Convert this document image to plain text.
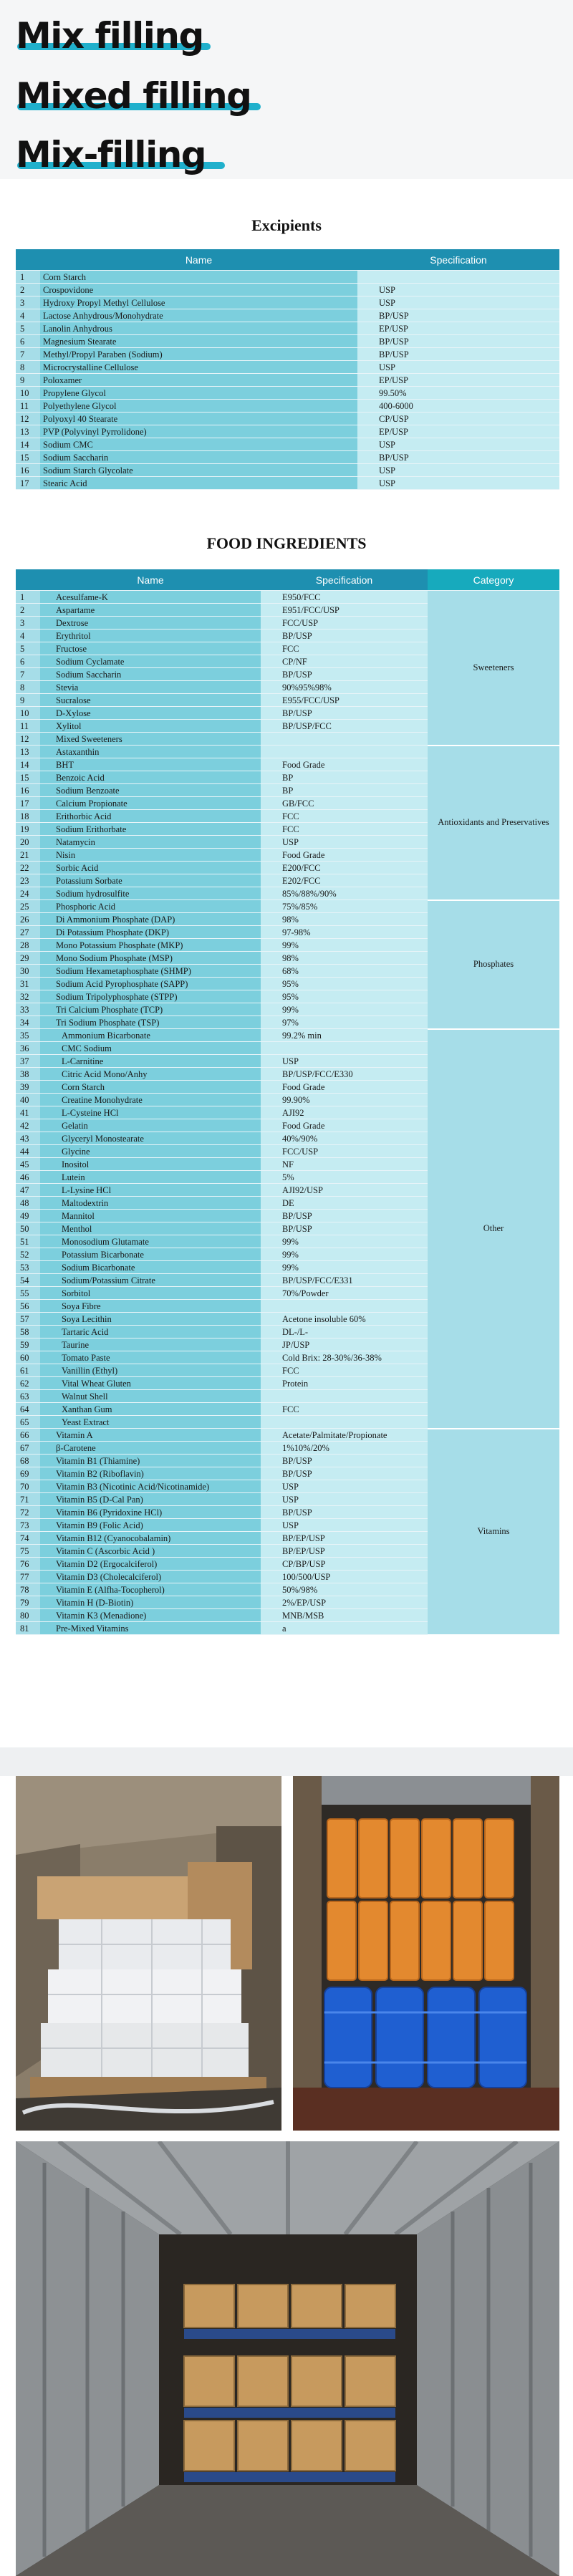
Mix filling
Mixed filling
Mix-filling
Excipients
	Name	Specification
1	Corn Starch	
2	Crospovidone	USP
3	Hydroxy Propyl Methyl Cellulose	USP
4	Lactose Anhydrous/Monohydrate	BP/USP
5	Lanolin Anhydrous	EP/USP
6	Magnesium Stearate	BP/USP
7	Methyl/Propyl Paraben (Sodium)	BP/USP
8	Microcrystalline Cellulose	USP
9	Poloxamer	EP/USP
10	Propylene Glycol	99.50%
11	Polyethylene Glycol	400-6000
12	Polyoxyl 40 Stearate	CP/USP
13	PVP (Polyvinyl Pyrrolidone)	EP/USP
14	Sodium CMC	USP
15	Sodium Saccharin	BP/USP
16	Sodium Starch Glycolate	USP
17	Stearic Acid	USP
FOOD INGREDIENTS
	Name	Specification	Category
1	Acesulfame-K	E950/FCC	Sweeteners
2	Aspartame	E951/FCC/USP	
3	Dextrose	FCC/USP	
4	Erythritol	BP/USP	
5	Fructose	FCC	
6	Sodium Cyclamate	CP/NF	
7	Sodium Saccharin	BP/USP	
8	Stevia	90%95%98%	
9	Sucralose	E955/FCC/USP	
10	D-Xylose	BP/USP	
11	Xylitol	BP/USP/FCC	
12	Mixed Sweeteners		
13	Astaxanthin		Antioxidants and Preservatives
14	BHT	Food Grade	
15	Benzoic Acid	BP	
16	Sodium Benzoate	BP	
17	Calcium Propionate	GB/FCC	
18	Erithorbic Acid	FCC	
19	Sodium Erithorbate	FCC	
20	Natamycin	USP	
21	Nisin	Food Grade	
22	Sorbic Acid	E200/FCC	
23	Potassium Sorbate	E202/FCC	
24	Sodium hydrosulfite	85%/88%/90%	
25	Phosphoric Acid	75%/85%	Phosphates
26	Di Ammonium Phosphate (DAP)	98%	
27	Di Potassium Phosphate (DKP)	97-98%	
28	Mono Potassium Phosphate (MKP)	99%	
29	Mono Sodium Phosphate (MSP)	98%	
30	Sodium Hexametaphosphate (SHMP)	68%	
31	Sodium Acid Pyrophosphate (SAPP)	95%	
32	Sodium Tripolyphosphate (STPP)	95%	
33	Tri Calcium Phosphate (TCP)	99%	
34	Tri Sodium Phosphate (TSP)	97%	
35	Ammonium Bicarbonate	99.2% min	Other
36	CMC Sodium		
37	L-Carnitine	USP	
38	Citric Acid Mono/Anhy	BP/USP/FCC/E330	
39	Corn Starch	Food Grade	
40	Creatine Monohydrate	99.90%	
41	L-Cysteine HCl	AJI92	
42	Gelatin	Food Grade	
43	Glyceryl Monostearate	40%/90%	
44	Glycine	FCC/USP	
45	Inositol	NF	
46	Lutein	5%	
47	L-Lysine HCl	AJI92/USP	
48	Maltodextrin	DE	
49	Mannitol	BP/USP	
50	Menthol	BP/USP	
51	Monosodium Glutamate	99%	
52	Potassium Bicarbonate	99%	
53	Sodium Bicarbonate	99%	
54	Sodium/Potassium Citrate	BP/USP/FCC/E331	
55	Sorbitol	70%/Powder	
56	Soya Fibre		
57	Soya Lecithin	Acetone insoluble 60%	
58	Tartaric Acid	DL-/L-	
59	Taurine	JP/USP	
60	Tomato Paste	Cold Brix: 28-30%/36-38%	
61	Vanillin (Ethyl)	FCC	
62	Vital Wheat Gluten	Protein	
63	Walnut Shell		
64	Xanthan Gum	FCC	
65	Yeast Extract		
66	Vitamin A	Acetate/Palmitate/Propionate	Vitamins
67	β-Carotene	1%10%/20%	
68	Vitamin B1 (Thiamine)	BP/USP	
69	Vitamin B2 (Riboflavin)	BP/USP	
70	Vitamin B3 (Nicotinic Acid/Nicotinamide)	USP	
71	Vitamin B5 (D-Cal Pan)	USP	
72	Vitamin B6 (Pyridoxine HCl)	BP/USP	
73	Vitamin B9 (Folic Acid)	USP	
74	Vitamin B12 (Cyanocobalamin)	BP/EP/USP	
75	Vitamin C (Ascorbic Acid )	BP/EP/USP	
76	Vitamin D2 (Ergocalciferol)	CP/BP/USP	
77	Vitamin D3 (Cholecalciferol)	100/500/USP	
78	Vitamin E (Alfha-Tocopherol)	50%/98%	
79	Vitamin H (D-Biotin)	2%/EP/USP	
80	Vitamin K3 (Menadione)	MNB/MSB	
81	Pre-Mixed Vitamins	a	
